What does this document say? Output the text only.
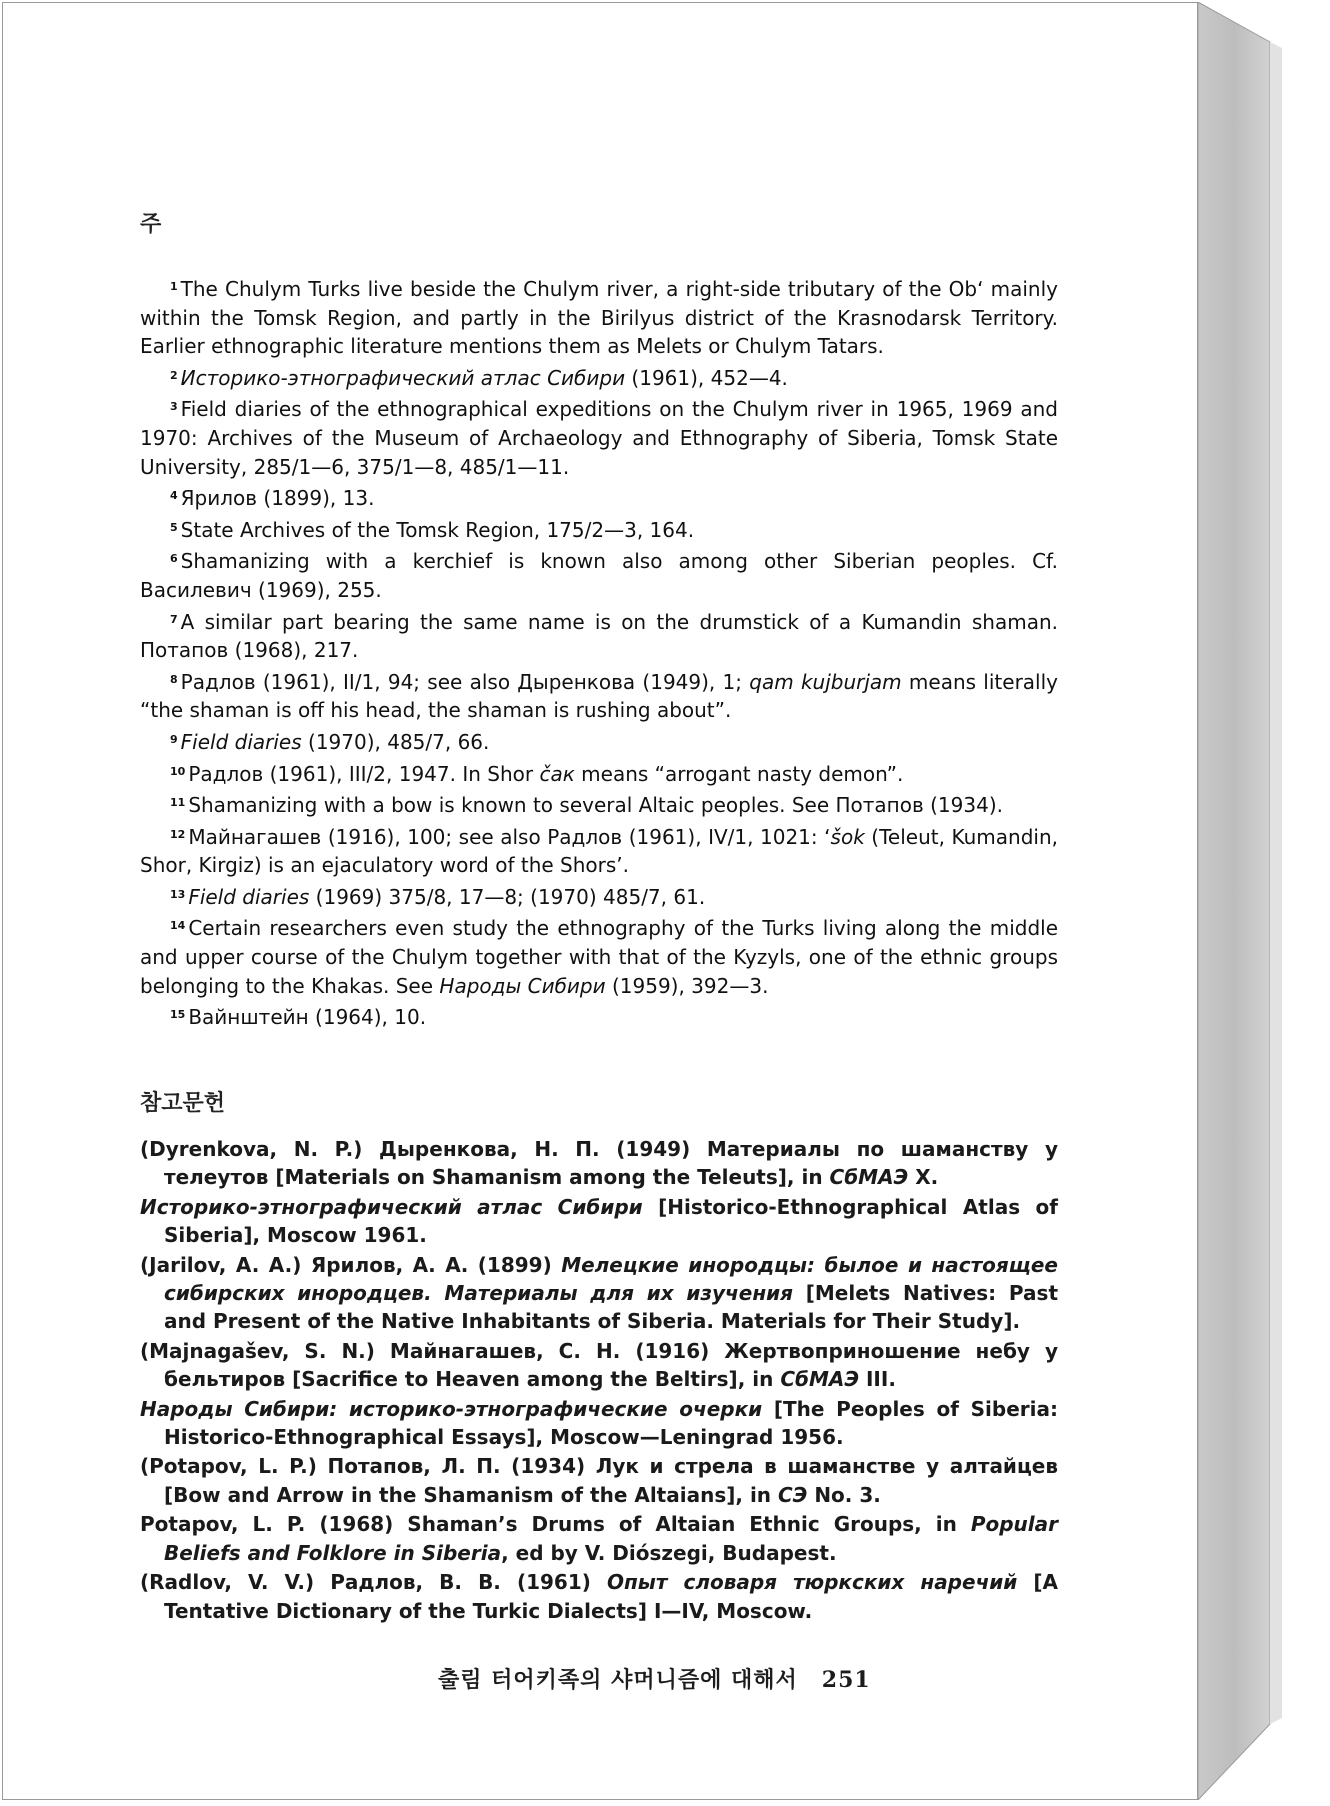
주

$^1$ The Chulym Turks live beside the Chulym river, a right-side tributary of the Ob‘ mainly within the Tomsk Region, and partly in the Birilyus district of the Krasnodarsk Territory. Earlier ethnographic literature mentions them as Melets or Chulym Tatars.

$^2$ Историко-этнографический атлас Сибири (1961), 452—4.

$^3$ Field diaries of the ethnographical expeditions on the Chulym river in 1965, 1969 and 1970: Archives of the Museum of Archaeology and Ethnography of Siberia, Tomsk State University, 285/1—6, 375/1—8, 485/1—11.

$^4$ Ярилов (1899), 13.

$^5$ State Archives of the Tomsk Region, 175/2—3, 164.

$^6$ Shamanizing with a kerchief is known also among other Siberian peoples. Cf. Василевич (1969), 255.

$^7$ A similar part bearing the same name is on the drumstick of a Kumandin shaman. Потапов (1968), 217.

$^8$ Радлов (1961), II/1, 94; see also Дыренкова (1949), 1; qam kujburjam means literally “the shaman is off his head, the shaman is rushing about”.

$^9$ Field diaries (1970), 485/7, 66.

$^{10}$ Радлов (1961), III/2, 1947. In Shor čак means “arrogant nasty demon”.

$^{11}$ Shamanizing with a bow is known to several Altaic peoples. See Потапов (1934).

$^{12}$ Майнагашев (1916), 100; see also Радлов (1961), IV/1, 1021: ‘šok (Teleut, Kumandin, Shor, Kirgiz) is an ejaculatory word of the Shors’.

$^{13}$ Field diaries (1969) 375/8, 17—8; (1970) 485/7, 61.

$^{14}$ Certain researchers even study the ethnography of the Turks living along the middle and upper course of the Chulym together with that of the Kyzyls, one of the ethnic groups belonging to the Khakas. See Народы Сибири (1959), 392—3.

$^{15}$ Вайнштейн (1964), 10.

참고문헌

(Dyrenkova, N. P.) Дыренкова, Н. П. (1949) Материалы по шаманству у телеутов [Materials on Shamanism among the Teleuts], in СбМАЭ X.

Историко-этнографический атлас Сибири [Historico-Ethnographical Atlas of Siberia], Moscow 1961.

(Jarilov, A. A.) Ярилов, А. А. (1899) Мелецкие инородцы: былое и настоящее сибирских инородцев. Материалы для их изучения [Melets Natives: Past and Present of the Native Inhabitants of Siberia. Materials for Their Study].

(Majnagašev, S. N.) Майнагашев, С. Н. (1916) Жертвоприношение небу у бельтиров [Sacrifice to Heaven among the Beltirs], in СбМАЭ III.

Народы Сибири: историко-этнографические очерки [The Peoples of Siberia: Historico-Ethnographical Essays], Moscow—Leningrad 1956.

(Potapov, L. P.) Потапов, Л. П. (1934) Лук и стрела в шаманстве у алтайцев [Bow and Arrow in the Shamanism of the Altaians], in СЭ No. 3.

Potapov, L. P. (1968) Shaman’s Drums of Altaian Ethnic Groups, in Popular Beliefs and Folklore in Siberia, ed by V. Diószegi, Budapest.

(Radlov, V. V.) Радлов, В. В. (1961) Опыт словаря тюркских наречий [A Tentative Dictionary of the Turkic Dialects] I—IV, Moscow.

출림 터어키족의 샤머니즘에 대해서 251
